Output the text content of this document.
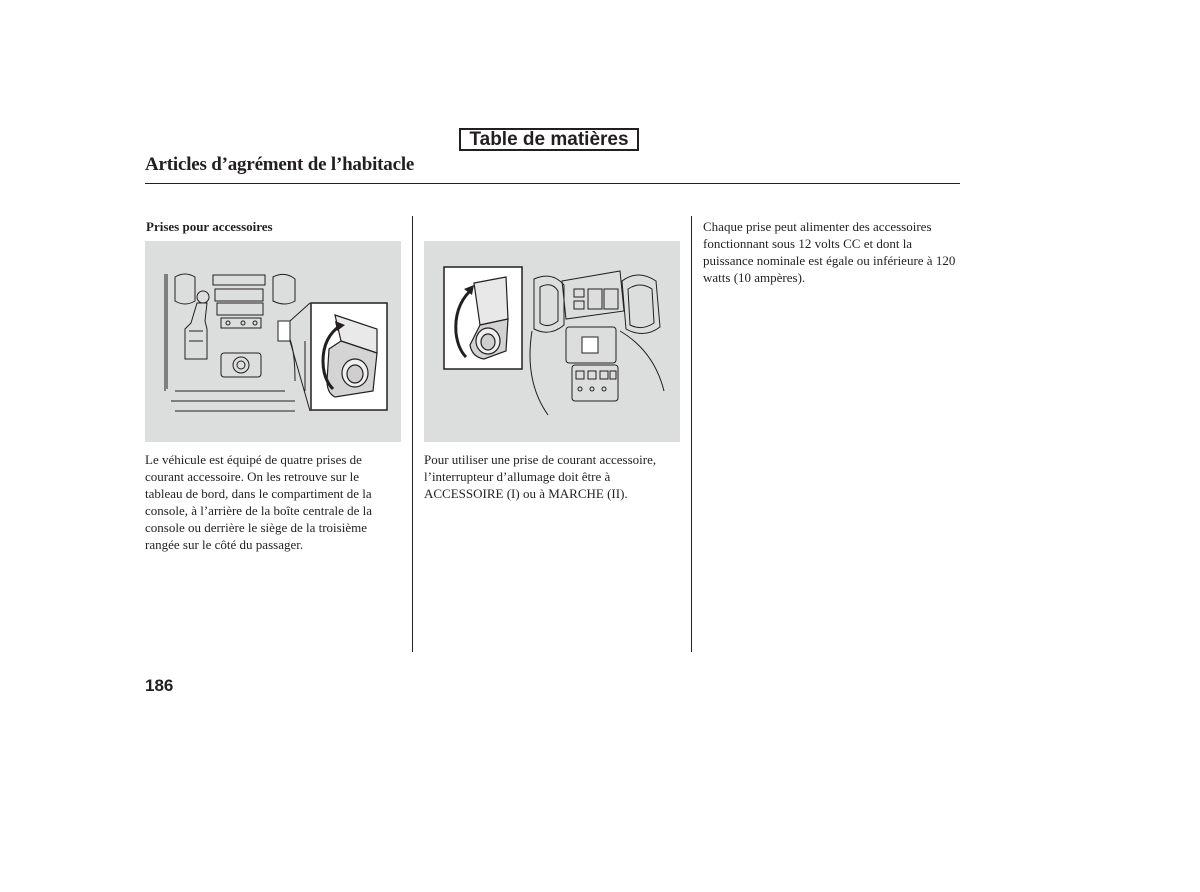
Table de matières
Articles d’agrément de l’habitacle
Prises pour accessoires
Le véhicule est équipé de quatre prises de courant accessoire. On les retrouve sur le tableau de bord, dans le compartiment de la console, à l’arrière de la boîte centrale de la console ou derrière le siège de la troisième rangée sur le côté du passager.
Pour utiliser une prise de courant accessoire, l’interrupteur d’allumage doit être à ACCESSOIRE (I) ou à MARCHE (II).
Chaque prise peut alimenter des accessoires fonctionnant sous 12 volts CC et dont la puissance nominale est égale ou inférieure à 120 watts (10 ampères).
186
